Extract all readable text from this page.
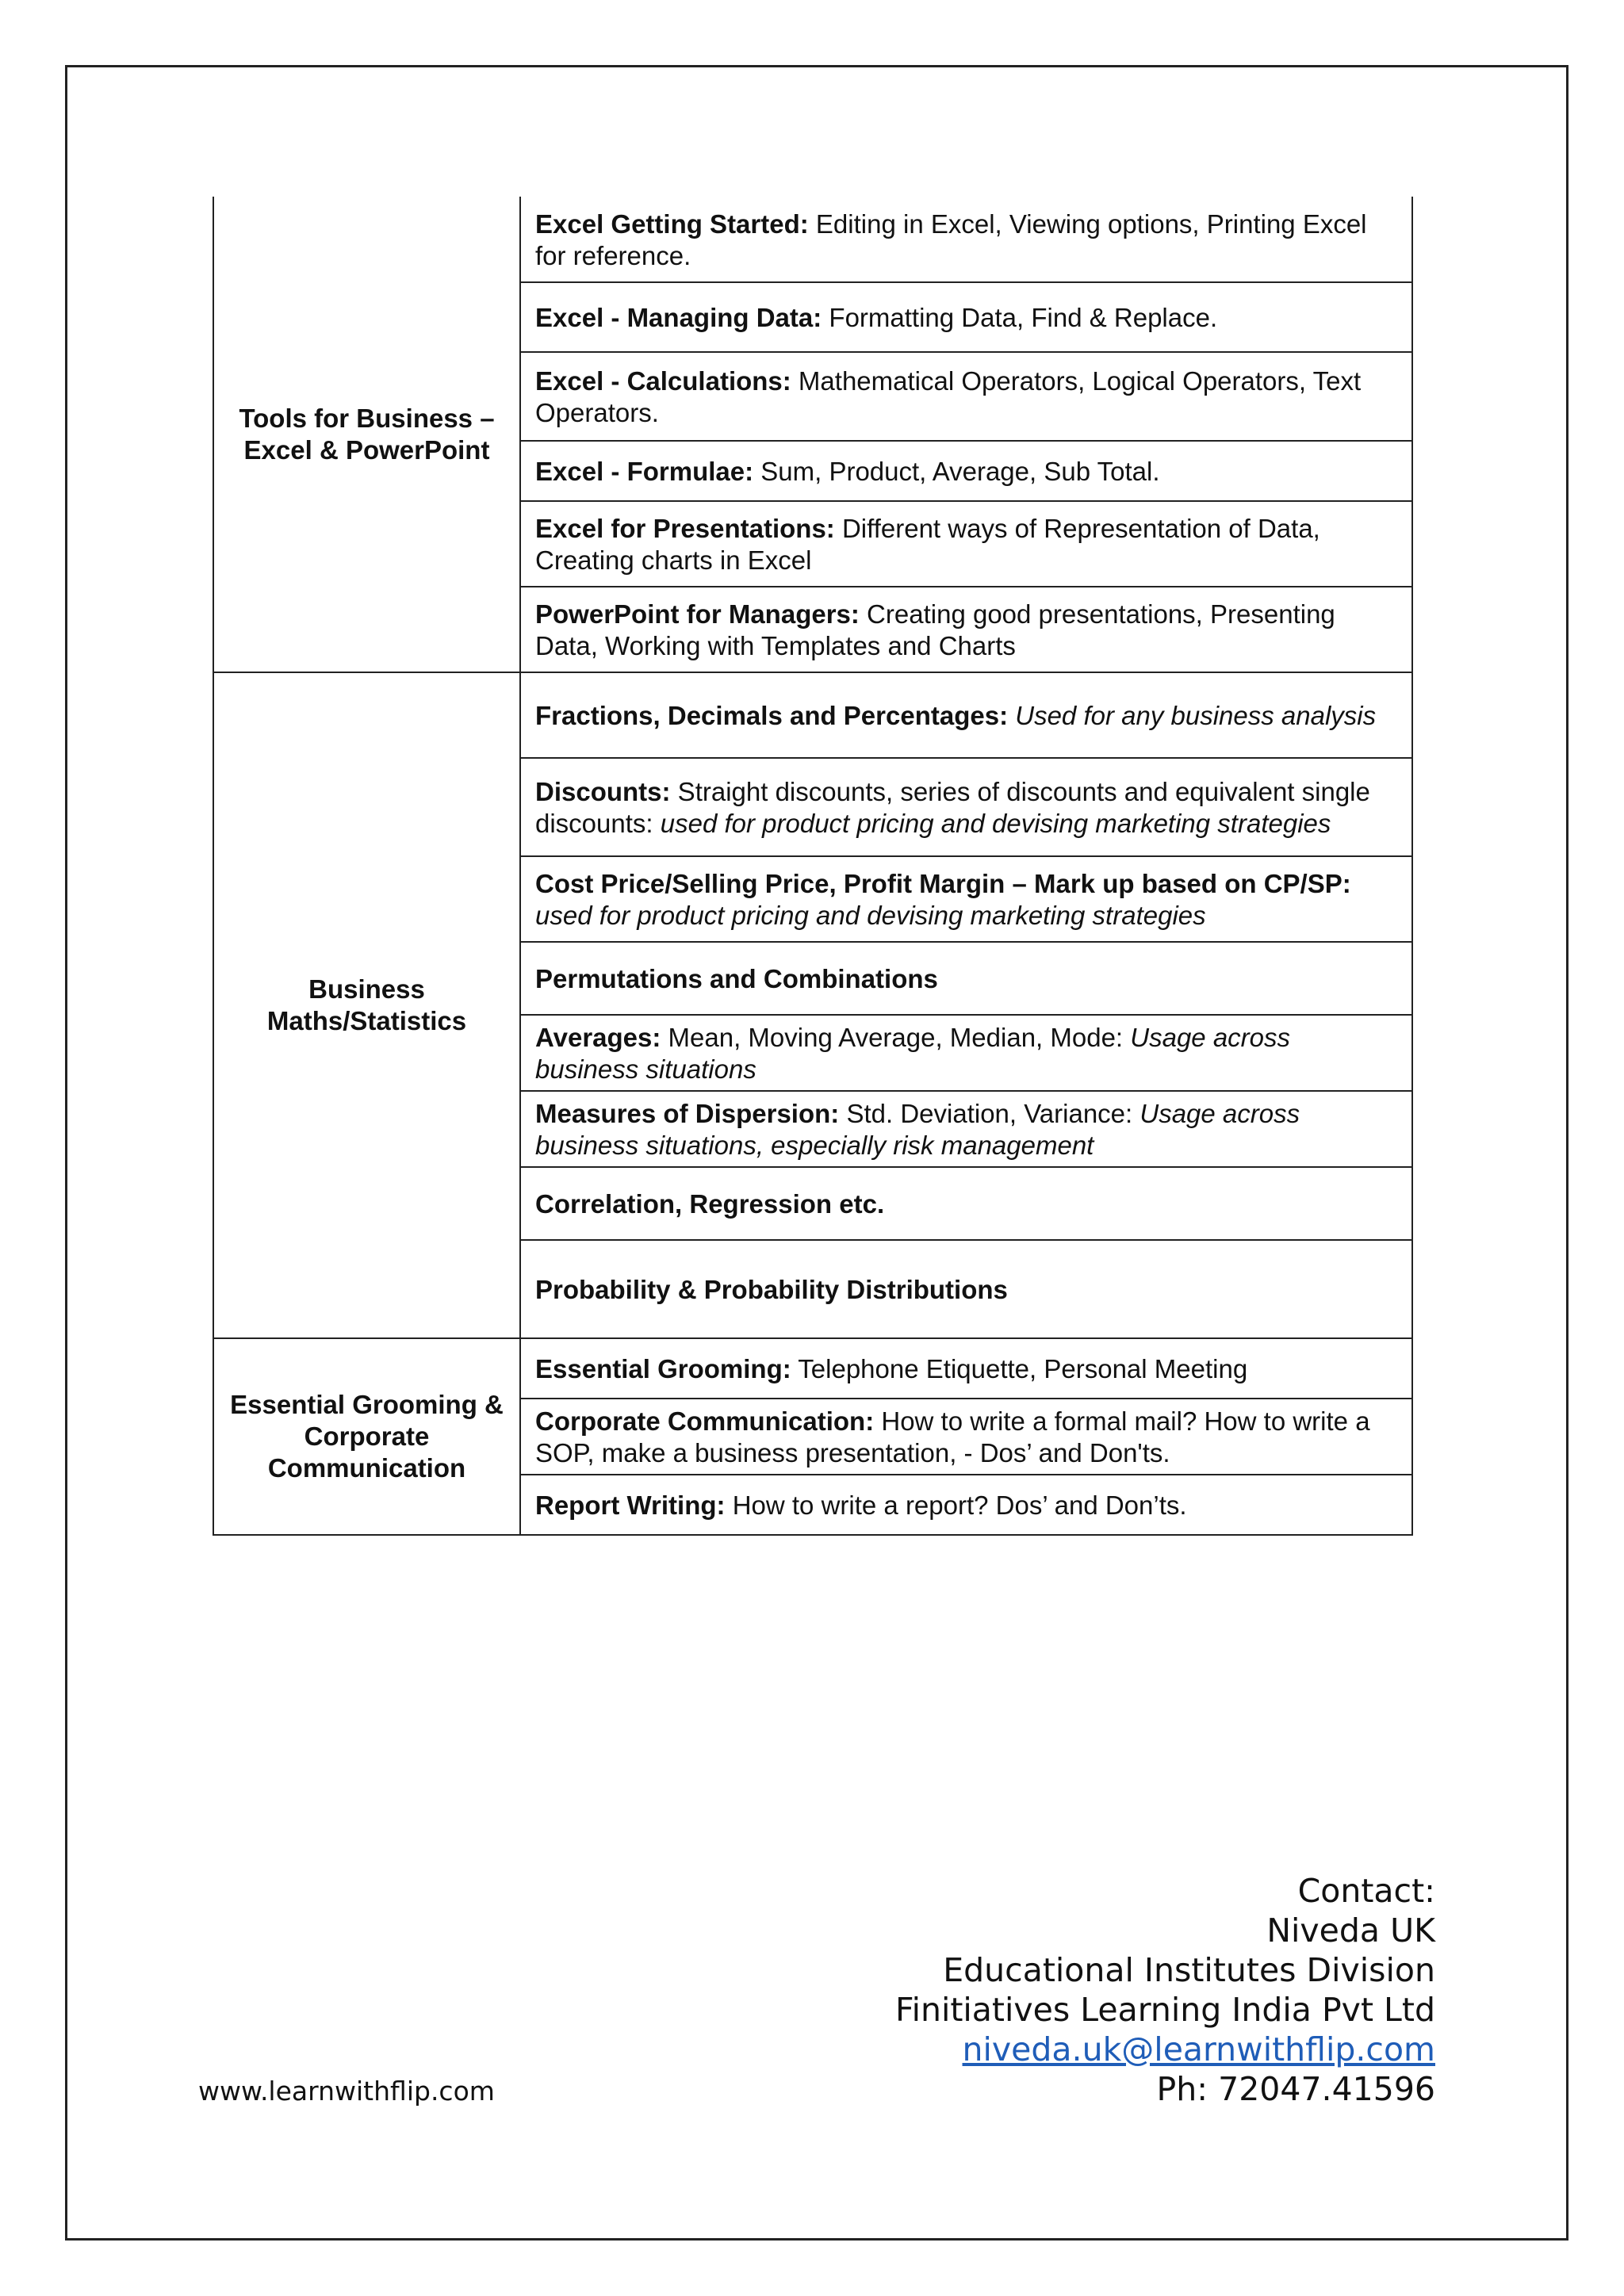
Tools for Business – Excel & PowerPoint	Excel Getting Started: Editing in Excel, Viewing options, Printing Excel for reference.
	Excel - Managing Data: Formatting Data, Find & Replace.
	Excel - Calculations: Mathematical Operators, Logical Operators, Text Operators.
	Excel - Formulae: Sum, Product, Average, Sub Total.
	Excel for Presentations: Different ways of Representation of Data, Creating charts in Excel
	PowerPoint for Managers: Creating good presentations, Presenting Data, Working with Templates and Charts
Business Maths/Statistics	Fractions, Decimals and Percentages: Used for any business analysis
	Discounts: Straight discounts, series of discounts and equivalent single discounts: used for product pricing and devising marketing strategies
	Cost Price/Selling Price, Profit Margin – Mark up based on CP/SP: used for product pricing and devising marketing strategies
	Permutations and Combinations
	Averages: Mean, Moving Average, Median, Mode: Usage across business situations
	Measures of Dispersion: Std. Deviation, Variance: Usage across business situations, especially risk management
	Correlation, Regression etc.
	Probability & Probability Distributions
Essential Grooming & Corporate Communication	Essential Grooming: Telephone Etiquette, Personal Meeting
	Corporate Communication: How to write a formal mail? How to write a SOP, make a business presentation, - Dos’ and Don'ts.
	Report Writing: How to write a report? Dos’ and Don’ts.
Contact:
Niveda UK
Educational Institutes Division
Finitiatives Learning India Pvt Ltd
niveda.uk@learnwithflip.com
Ph: 72047.41596
www.learnwithflip.com
